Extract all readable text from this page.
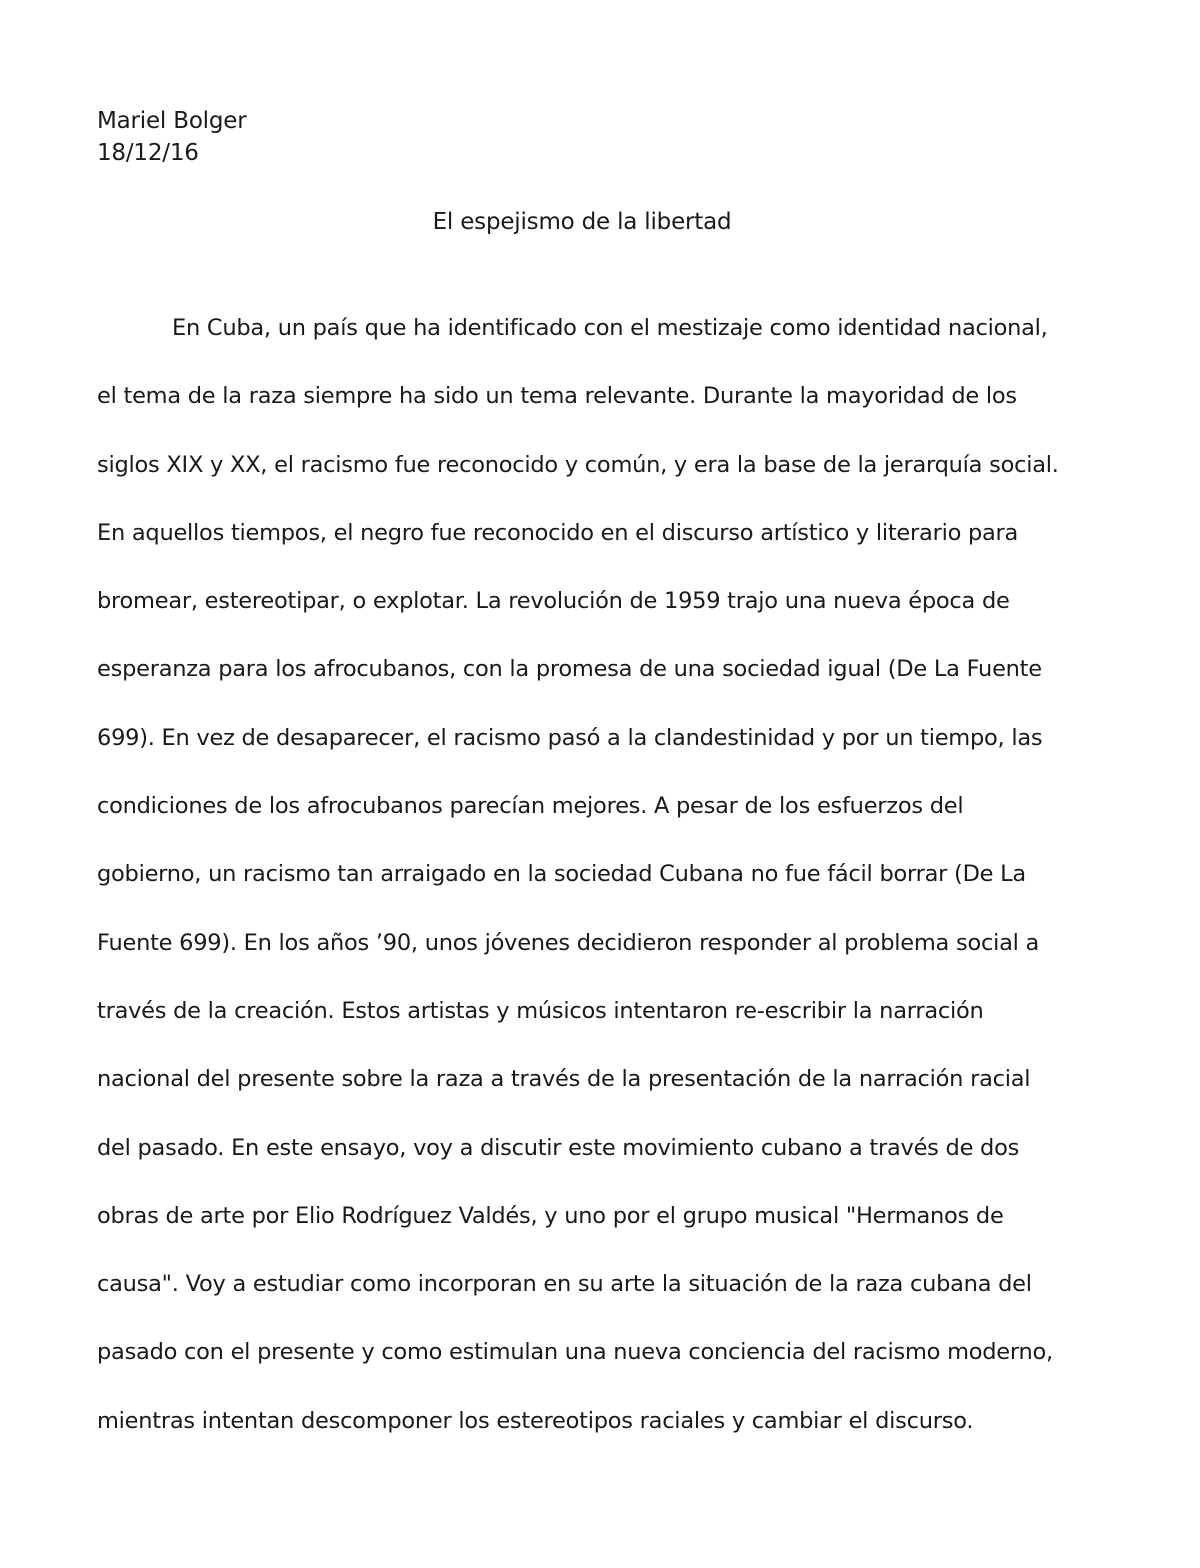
Mariel Bolger
18/12/16
El espejismo de la libertad
En Cuba, un país que ha identificado con el mestizaje como identidad nacional,
el tema de la raza siempre ha sido un tema relevante. Durante la mayoridad de los
siglos XIX y XX, el racismo fue reconocido y común, y era la base de la jerarquía social.
En aquellos tiempos, el negro fue reconocido en el discurso artístico y literario para
bromear, estereotipar, o explotar. La revolución de 1959 trajo una nueva época de
esperanza para los afrocubanos, con la promesa de una sociedad igual (De La Fuente
699). En vez de desaparecer, el racismo pasó a la clandestinidad y por un tiempo, las
condiciones de los afrocubanos parecían mejores. A pesar de los esfuerzos del
gobierno, un racismo tan arraigado en la sociedad Cubana no fue fácil borrar (De La
Fuente 699). En los años ’90, unos jóvenes decidieron responder al problema social a
través de la creación. Estos artistas y músicos intentaron re-escribir la narración
nacional del presente sobre la raza a través de la presentación de la narración racial
del pasado. En este ensayo, voy a discutir este movimiento cubano a través de dos
obras de arte por Elio Rodríguez Valdés, y uno por el grupo musical "Hermanos de
causa". Voy a estudiar como incorporan en su arte la situación de la raza cubana del
pasado con el presente y como estimulan una nueva conciencia del racismo moderno,
mientras intentan descomponer los estereotipos raciales y cambiar el discurso.
